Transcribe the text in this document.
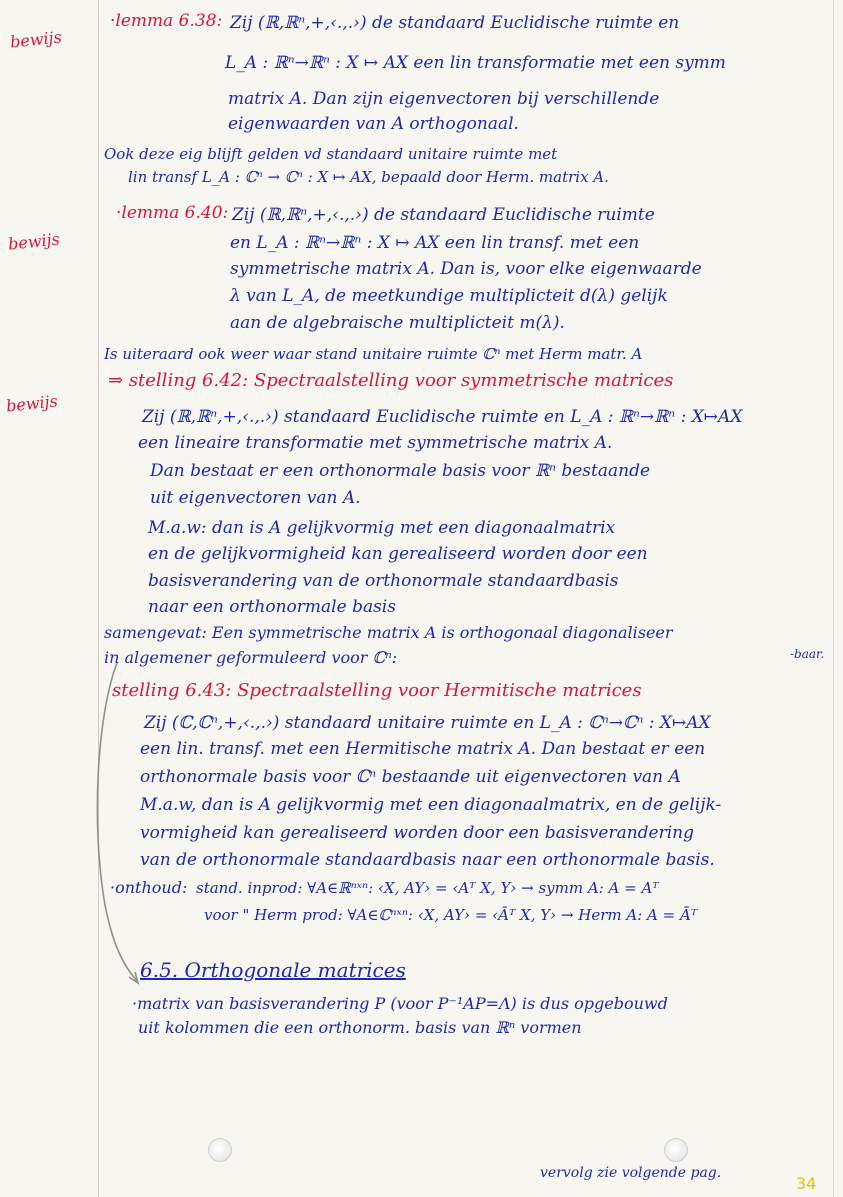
bewijs
bewijs
bewijs
·lemma 6.38: Zij (ℝ,ℝⁿ,+,‹.,.›) de standaard Euclidische ruimte en
L_A : ℝⁿ→ℝⁿ : X ↦ AX een lin transformatie met een symm
matrix A. Dan zijn eigenvectoren bij verschillende
eigenwaarden van A orthogonaal.
Ook deze eig blijft gelden vd standaard unitaire ruimte met
lin transf L_A : ℂⁿ → ℂⁿ : X ↦ AX, bepaald door Herm. matrix A.
·lemma 6.40: Zij (ℝ,ℝⁿ,+,‹.,.›) de standaard Euclidische ruimte
en L_A : ℝⁿ→ℝⁿ : X ↦ AX een lin transf. met een
symmetrische matrix A. Dan is, voor elke eigenwaarde
λ van L_A, de meetkundige multiplicteit d(λ) gelijk
aan de algebraische multiplicteit m(λ).
Is uiteraard ook weer waar stand unitaire ruimte ℂⁿ met Herm matr. A
⇒ stelling 6.42: Spectraalstelling voor symmetrische matrices
Zij (ℝ,ℝⁿ,+,‹.,.›) standaard Euclidische ruimte en L_A : ℝⁿ→ℝⁿ : X↦AX
een lineaire transformatie met symmetrische matrix A.
Dan bestaat er een orthonormale basis voor ℝⁿ bestaande
uit eigenvectoren van A.
M.a.w: dan is A gelijkvormig met een diagonaalmatrix
en de gelijkvormigheid kan gerealiseerd worden door een
basisverandering van de orthonormale standaardbasis
naar een orthonormale basis
samengevat: Een symmetrische matrix A is orthogonaal diagonaliseer
-baar.
in algemener geformuleerd voor ℂⁿ:
stelling 6.43: Spectraalstelling voor Hermitische matrices
Zij (ℂ,ℂⁿ,+,‹.,.›) standaard unitaire ruimte en L_A : ℂⁿ→ℂⁿ : X↦AX
een lin. transf. met een Hermitische matrix A. Dan bestaat er een
orthonormale basis voor ℂⁿ bestaande uit eigenvectoren van A
M.a.w, dan is A gelijkvormig met een diagonaalmatrix, en de gelijk-
vormigheid kan gerealiseerd worden door een basisverandering
van de orthonormale standaardbasis naar een orthonormale basis.
·onthoud: stand. inprod: ∀A∈ℝⁿˣⁿ: ‹X, AY› = ‹Aᵀ X, Y› → symm A: A = Aᵀ
voor " Herm prod: ∀A∈ℂⁿˣⁿ: ‹X, AY› = ‹Āᵀ X, Y› → Herm A: A = Āᵀ
6.5. Orthogonale matrices
·matrix van basisverandering P (voor P⁻¹AP=Λ) is dus opgebouwd
uit kolommen die een orthonorm. basis van ℝⁿ vormen
vervolg zie volgende pag.
34
